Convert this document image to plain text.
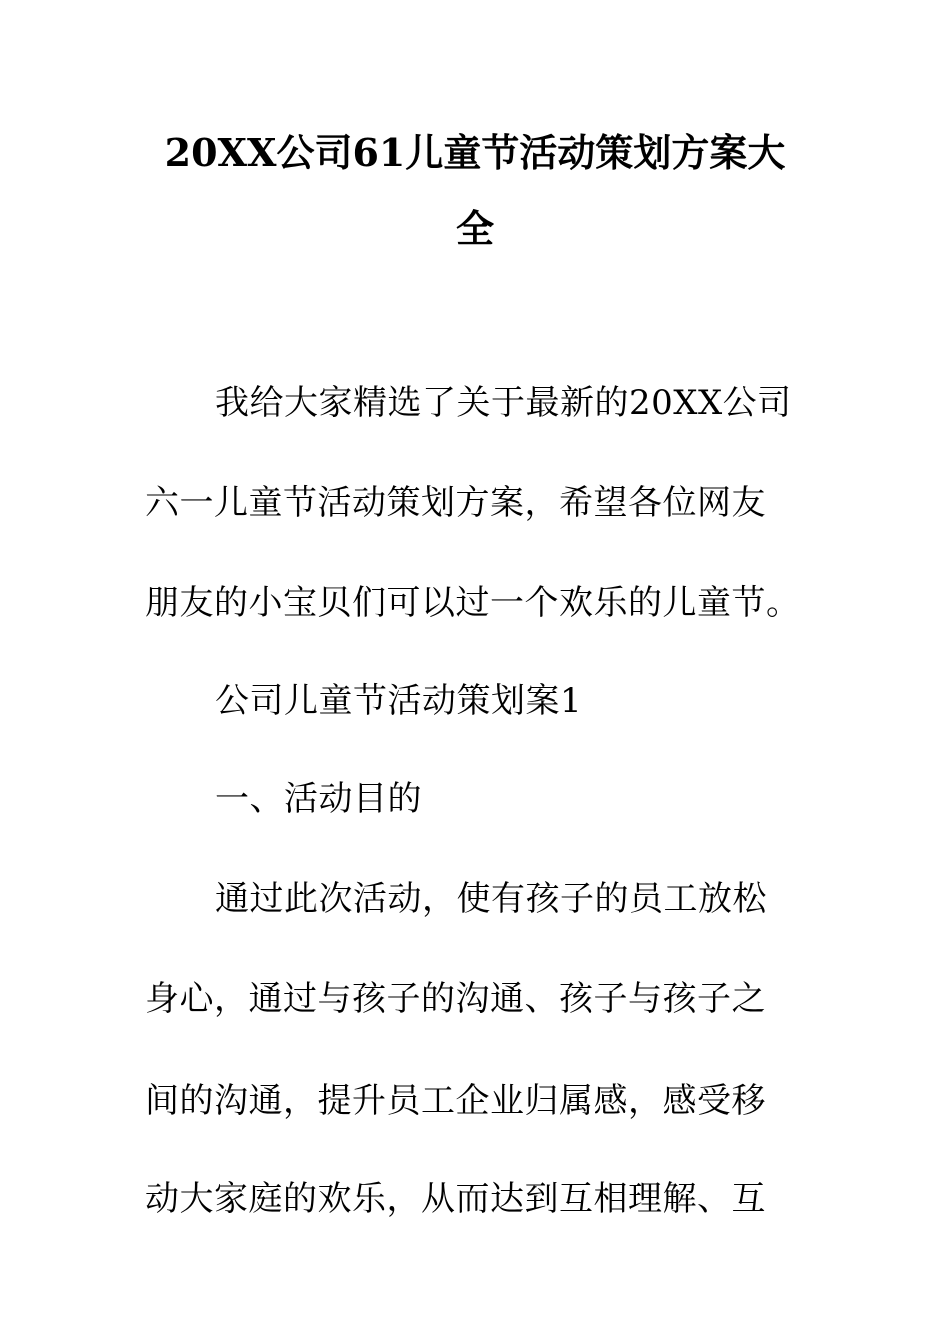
20XX公司61儿童节活动策划方案大
全
我给大家精选了关于最新的20XX公司
六一儿童节活动策划方案，希望各位网友
朋友的小宝贝们可以过一个欢乐的儿童节。
公司儿童节活动策划案1
一、活动目的
通过此次活动，使有孩子的员工放松
身心，通过与孩子的沟通、孩子与孩子之
间的沟通，提升员工企业归属感，感受移
动大家庭的欢乐，从而达到互相理解、互
